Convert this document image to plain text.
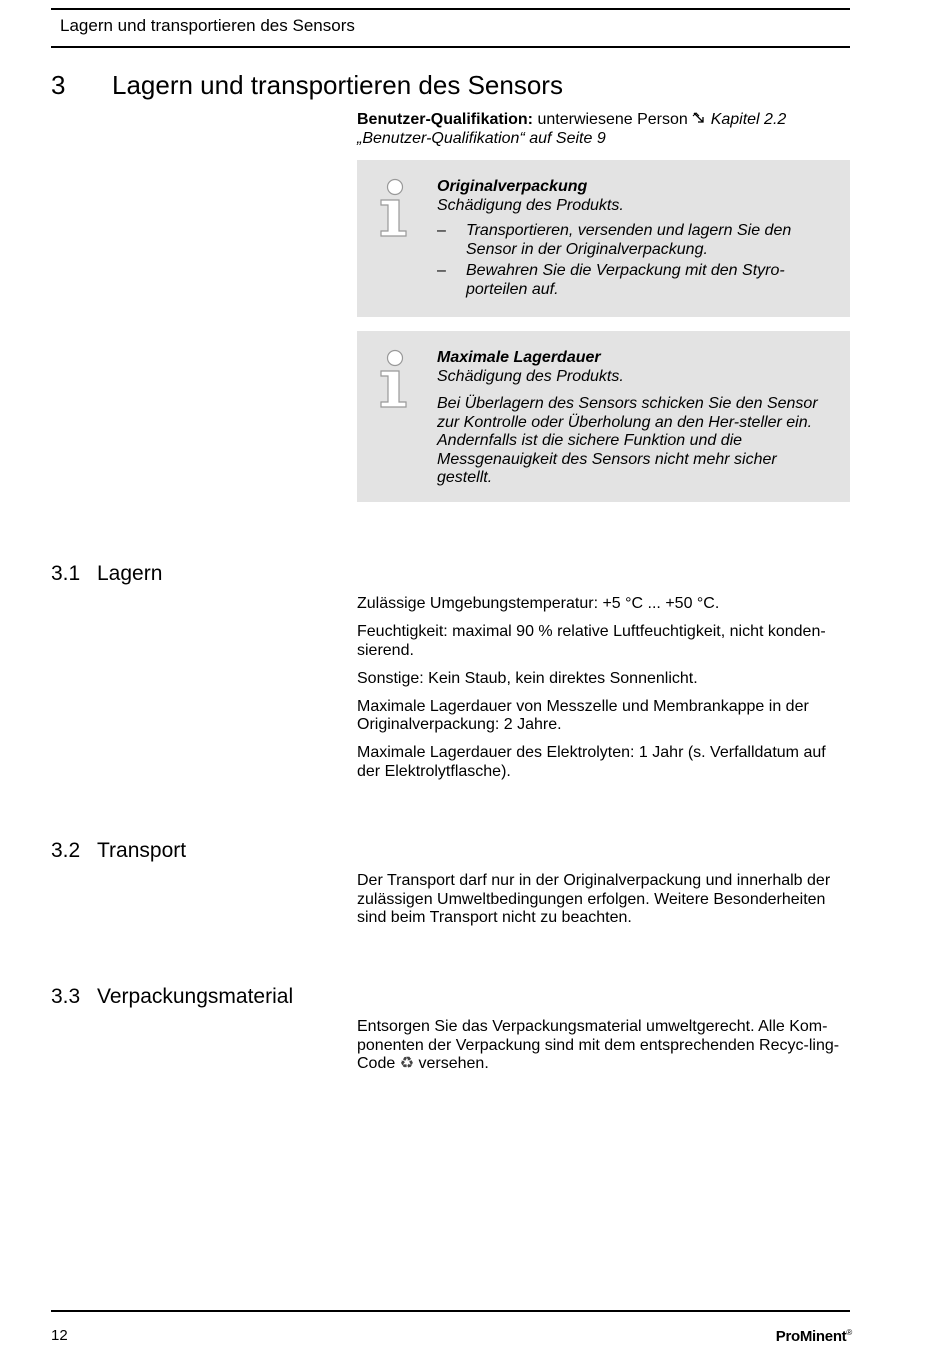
Lagern und transportieren des Sensors
3 Lagern und transportieren des Sensors
Benutzer-Qualifikation: unterwiesene Person Kapitel 2.2 „Benutzer-Qualifikation“ auf Seite 9

Originalverpackung

Schädigung des Produkts.

– Transportieren, versenden und lagern Sie den Sensor in der Originalverpackung.
– Bewahren Sie die Verpackung mit den Styro-porteilen auf.

Maximale Lagerdauer

Schädigung des Produkts.

Bei Überlagern des Sensors schicken Sie den Sensor zur Kontrolle oder Überholung an den Her-steller ein. Andernfalls ist die sichere Funktion und die Messgenauigkeit des Sensors nicht mehr sicher gestellt.

3.1 Lagern

Zulässige Umgebungstemperatur: +5 °C ... +50 °C.

Feuchtigkeit: maximal 90 % relative Luftfeuchtigkeit, nicht konden-sierend.

Sonstige: Kein Staub, kein direktes Sonnenlicht.

Maximale Lagerdauer von Messzelle und Membrankappe in der Originalverpackung: 2 Jahre.

Maximale Lagerdauer des Elektrolyten: 1 Jahr (s. Verfalldatum auf der Elektrolytflasche).

3.2 Transport

Der Transport darf nur in der Originalverpackung und innerhalb der zulässigen Umweltbedingungen erfolgen. Weitere Besonderheiten sind beim Transport nicht zu beachten.

3.3 Verpackungsmaterial

Entsorgen Sie das Verpackungsmaterial umweltgerecht. Alle Kom-ponenten der Verpackung sind mit dem entsprechenden Recyc-ling-Code ♻ versehen.

12	ProMinent®
